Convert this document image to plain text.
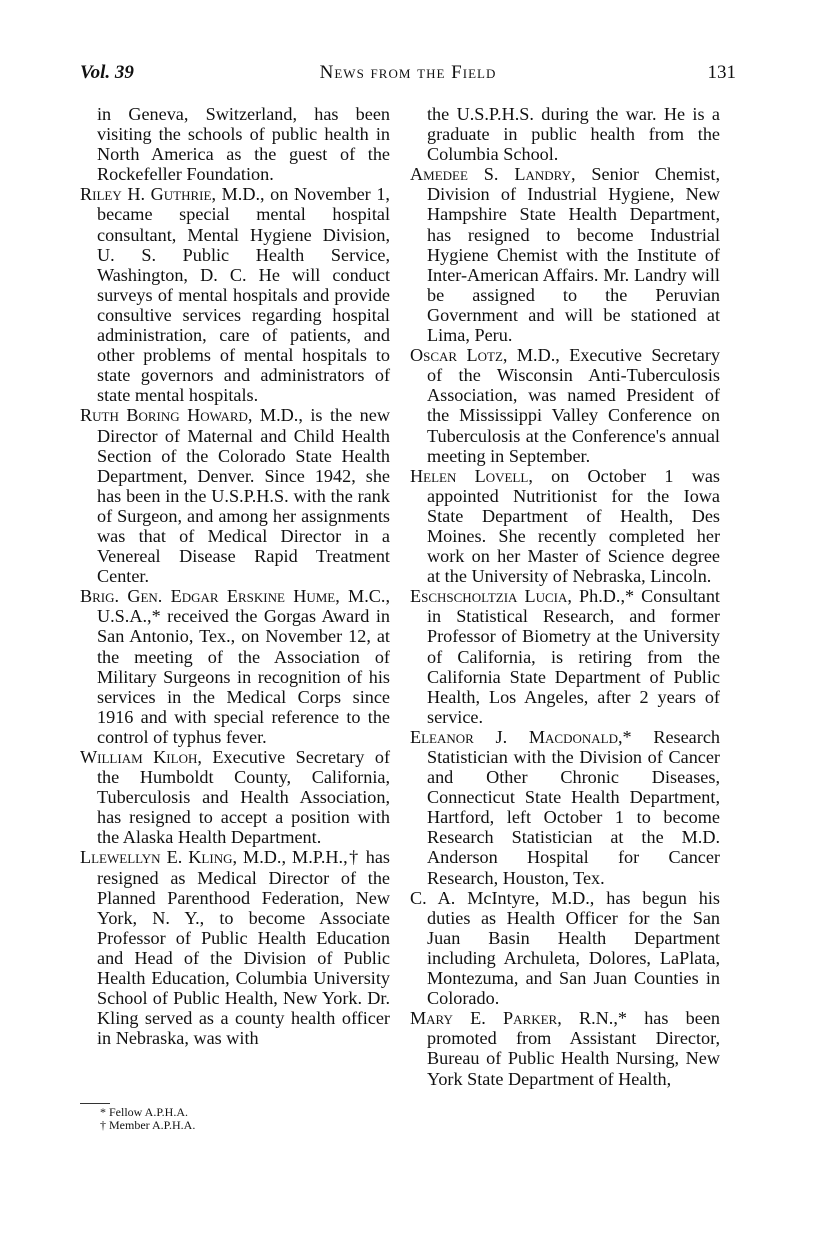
Vol. 39	News from the Field	131

in Geneva, Switzerland, has been visiting the schools of public health in North America as the guest of the Rockefeller Foundation.

Riley H. Guthrie, M.D., on November 1, became special mental hospital consultant, Mental Hygiene Division, U. S. Public Health Service, Washington, D. C. He will conduct surveys of mental hospitals and provide consultive services regarding hospital administration, care of patients, and other problems of mental hospitals to state governors and administrators of state mental hospitals.

Ruth Boring Howard, M.D., is the new Director of Maternal and Child Health Section of the Colorado State Health Department, Denver. Since 1942, she has been in the U.S.P.H.S. with the rank of Surgeon, and among her assignments was that of Medical Director in a Venereal Disease Rapid Treatment Center.

Brig. Gen. Edgar Erskine Hume, M.C., U.S.A.,* received the Gorgas Award in San Antonio, Tex., on November 12, at the meeting of the Association of Military Surgeons in recognition of his services in the Medical Corps since 1916 and with special reference to the control of typhus fever.

William Kiloh, Executive Secretary of the Humboldt County, California, Tuberculosis and Health Association, has resigned to accept a position with the Alaska Health Department.

Llewellyn E. Kling, M.D., M.P.H.,† has resigned as Medical Director of the Planned Parenthood Federation, New York, N. Y., to become Associate Professor of Public Health Education and Head of the Division of Public Health Education, Columbia University School of Public Health, New York. Dr. Kling served as a county health officer in Nebraska, was with

the U.S.P.H.S. during the war. He is a graduate in public health from the Columbia School.

Amedee S. Landry, Senior Chemist, Division of Industrial Hygiene, New Hampshire State Health Department, has resigned to become Industrial Hygiene Chemist with the Institute of Inter-American Affairs. Mr. Landry will be assigned to the Peruvian Government and will be stationed at Lima, Peru.

Oscar Lotz, M.D., Executive Secretary of the Wisconsin Anti-Tuberculosis Association, was named President of the Mississippi Valley Conference on Tuberculosis at the Conference's annual meeting in September.

Helen Lovell, on October 1 was appointed Nutritionist for the Iowa State Department of Health, Des Moines. She recently completed her work on her Master of Science degree at the University of Nebraska, Lincoln.

Eschscholtzia Lucia, Ph.D.,* Consultant in Statistical Research, and former Professor of Biometry at the University of California, is retiring from the California State Department of Public Health, Los Angeles, after 2 years of service.

Eleanor J. Macdonald,* Research Statistician with the Division of Cancer and Other Chronic Diseases, Connecticut State Health Department, Hartford, left October 1 to become Research Statistician at the M.D. Anderson Hospital for Cancer Research, Houston, Tex.

C. A. McIntyre, M.D., has begun his duties as Health Officer for the San Juan Basin Health Department including Archuleta, Dolores, LaPlata, Montezuma, and San Juan Counties in Colorado.

Mary E. Parker, R.N.,* has been promoted from Assistant Director, Bureau of Public Health Nursing, New York State Department of Health,

* Fellow A.P.H.A.

† Member A.P.H.A.
